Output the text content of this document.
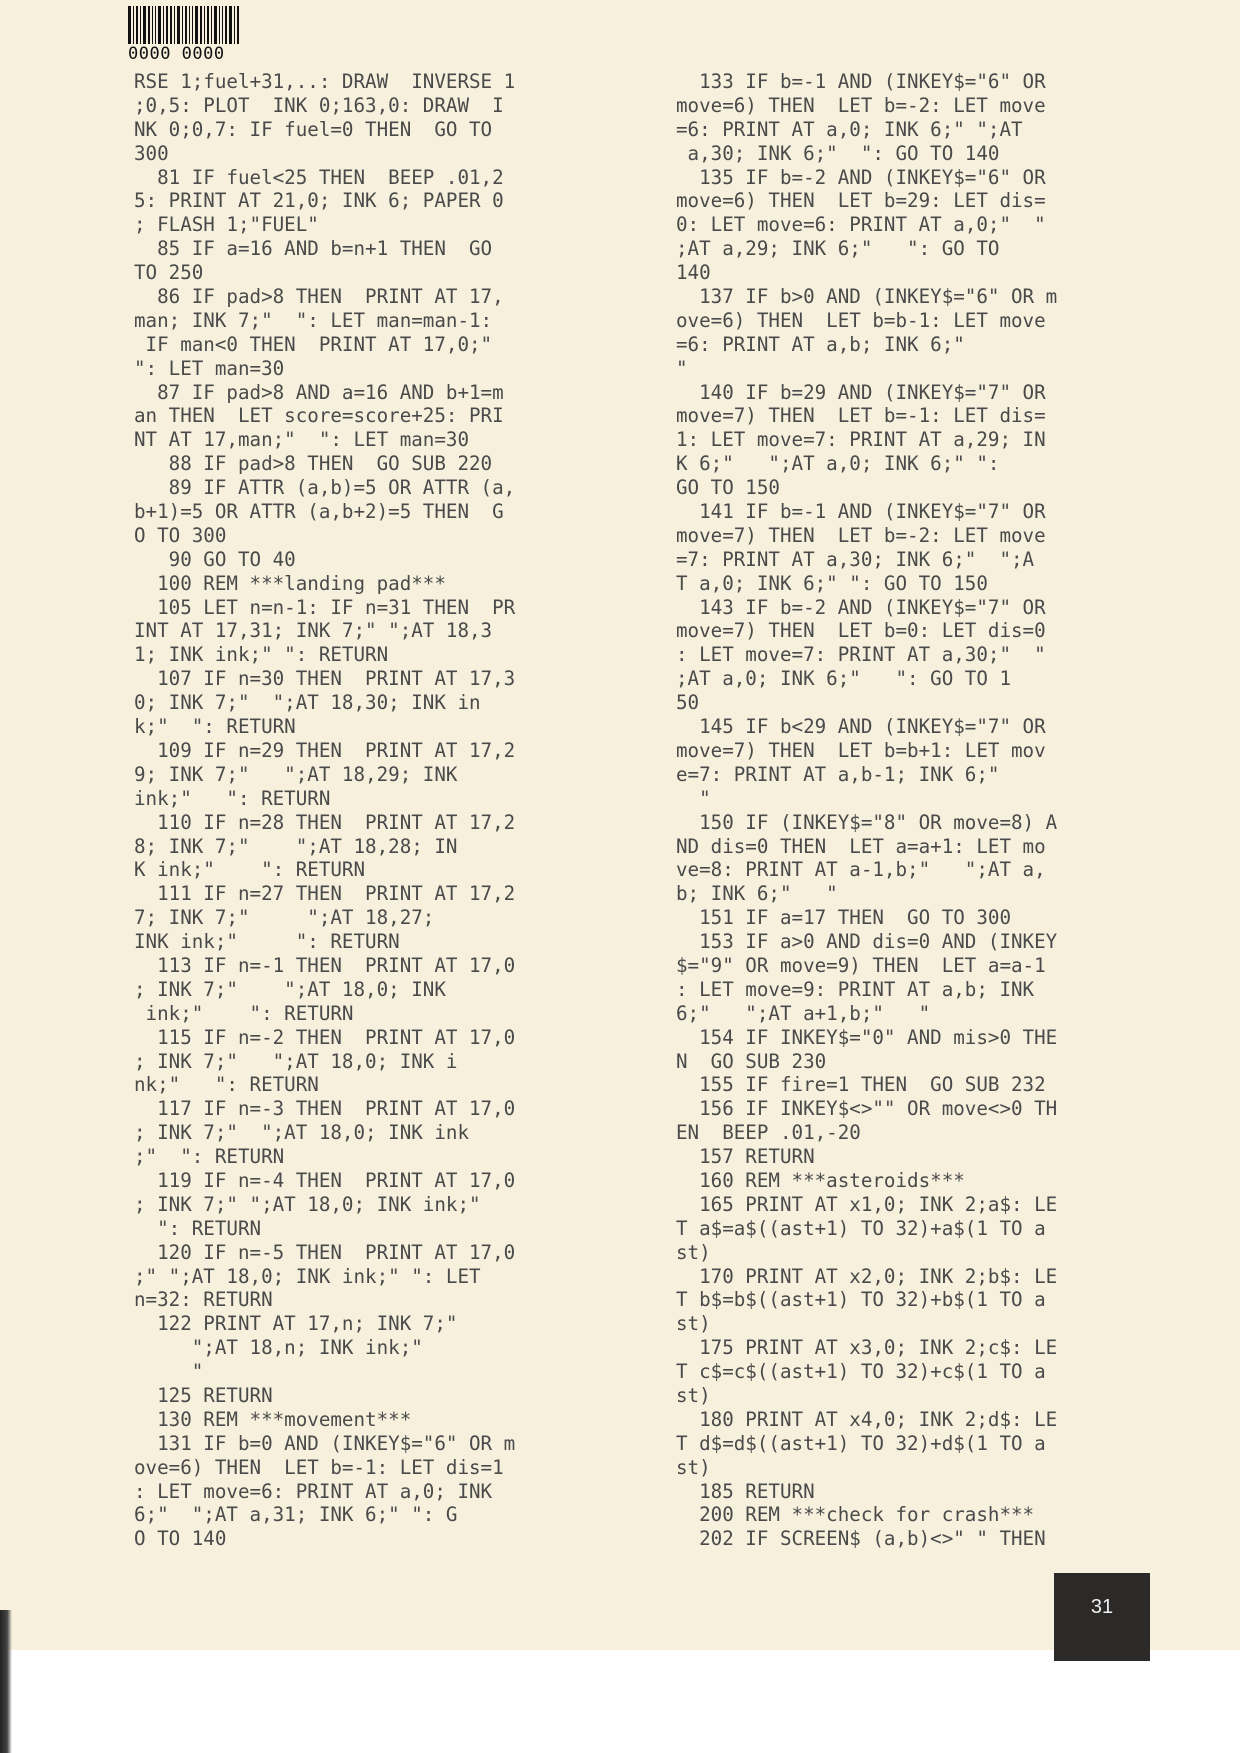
0000 0000
RSE 1;fuel+31,..: DRAW  INVERSE 1
;0,5: PLOT  INK 0;163,0: DRAW  I
NK 0;0,7: IF fuel=0 THEN  GO TO
300
81 IF fuel<25 THEN  BEEP .01,2
5: PRINT AT 21,0; INK 6; PAPER 0
; FLASH 1;"FUEL"
85 IF a=16 AND b=n+1 THEN  GO
TO 250
86 IF pad>8 THEN  PRINT AT 17,
man; INK 7;"  ": LET man=man-1:
IF man<0 THEN  PRINT AT 17,0;"
": LET man=30
87 IF pad>8 AND a=16 AND b+1=m
an THEN  LET score=score+25: PRI
NT AT 17,man;"  ": LET man=30
88 IF pad>8 THEN  GO SUB 220
89 IF ATTR (a,b)=5 OR ATTR (a,
b+1)=5 OR ATTR (a,b+2)=5 THEN  G
O TO 300
90 GO TO 40
100 REM ***landing pad***
105 LET n=n-1: IF n=31 THEN  PR
INT AT 17,31; INK 7;" ";AT 18,3
1; INK ink;" ": RETURN
107 IF n=30 THEN  PRINT AT 17,3
0; INK 7;"  ";AT 18,30; INK in
k;"  ": RETURN
109 IF n=29 THEN  PRINT AT 17,2
9; INK 7;"   ";AT 18,29; INK
ink;"   ": RETURN
110 IF n=28 THEN  PRINT AT 17,2
8; INK 7;"    ";AT 18,28; IN
K ink;"    ": RETURN
111 IF n=27 THEN  PRINT AT 17,2
7; INK 7;"     ";AT 18,27;
INK ink;"     ": RETURN
113 IF n=-1 THEN  PRINT AT 17,0
; INK 7;"    ";AT 18,0; INK
ink;"    ": RETURN
115 IF n=-2 THEN  PRINT AT 17,0
; INK 7;"   ";AT 18,0; INK i
nk;"   ": RETURN
117 IF n=-3 THEN  PRINT AT 17,0
; INK 7;"  ";AT 18,0; INK ink
;"  ": RETURN
119 IF n=-4 THEN  PRINT AT 17,0
; INK 7;" ";AT 18,0; INK ink;"
": RETURN
120 IF n=-5 THEN  PRINT AT 17,0
;" ";AT 18,0; INK ink;" ": LET
n=32: RETURN
122 PRINT AT 17,n; INK 7;"
";AT 18,n; INK ink;"
"
125 RETURN
130 REM ***movement***
131 IF b=0 AND (INKEY$="6" OR m
ove=6) THEN  LET b=-1: LET dis=1
: LET move=6: PRINT AT a,0; INK
6;"  ";AT a,31; INK 6;" ": G
O TO 140
133 IF b=-1 AND (INKEY$="6" OR
move=6) THEN  LET b=-2: LET move
=6: PRINT AT a,0; INK 6;" ";AT
a,30; INK 6;"  ": GO TO 140
135 IF b=-2 AND (INKEY$="6" OR
move=6) THEN  LET b=29: LET dis=
0: LET move=6: PRINT AT a,0;"  "
;AT a,29; INK 6;"   ": GO TO
140
137 IF b>0 AND (INKEY$="6" OR m
ove=6) THEN  LET b=b-1: LET move
=6: PRINT AT a,b; INK 6;"
"
140 IF b=29 AND (INKEY$="7" OR
move=7) THEN  LET b=-1: LET dis=
1: LET move=7: PRINT AT a,29; IN
K 6;"   ";AT a,0; INK 6;" ":
GO TO 150
141 IF b=-1 AND (INKEY$="7" OR
move=7) THEN  LET b=-2: LET move
=7: PRINT AT a,30; INK 6;"  ";A
T a,0; INK 6;" ": GO TO 150
143 IF b=-2 AND (INKEY$="7" OR
move=7) THEN  LET b=0: LET dis=0
: LET move=7: PRINT AT a,30;"  "
;AT a,0; INK 6;"   ": GO TO 1
50
145 IF b<29 AND (INKEY$="7" OR
move=7) THEN  LET b=b+1: LET mov
e=7: PRINT AT a,b-1; INK 6;"
"
150 IF (INKEY$="8" OR move=8) A
ND dis=0 THEN  LET a=a+1: LET mo
ve=8: PRINT AT a-1,b;"   ";AT a,
b; INK 6;"   "
151 IF a=17 THEN  GO TO 300
153 IF a>0 AND dis=0 AND (INKEY
$="9" OR move=9) THEN  LET a=a-1
: LET move=9: PRINT AT a,b; INK
6;"   ";AT a+1,b;"   "
154 IF INKEY$="0" AND mis>0 THE
N  GO SUB 230
155 IF fire=1 THEN  GO SUB 232
156 IF INKEY$<>"" OR move<>0 TH
EN  BEEP .01,-20
157 RETURN
160 REM ***asteroids***
165 PRINT AT x1,0; INK 2;a$: LE
T a$=a$((ast+1) TO 32)+a$(1 TO a
st)
170 PRINT AT x2,0; INK 2;b$: LE
T b$=b$((ast+1) TO 32)+b$(1 TO a
st)
175 PRINT AT x3,0; INK 2;c$: LE
T c$=c$((ast+1) TO 32)+c$(1 TO a
st)
180 PRINT AT x4,0; INK 2;d$: LE
T d$=d$((ast+1) TO 32)+d$(1 TO a
st)
185 RETURN
200 REM ***check for crash***
202 IF SCREEN$ (a,b)<>" " THEN
31
